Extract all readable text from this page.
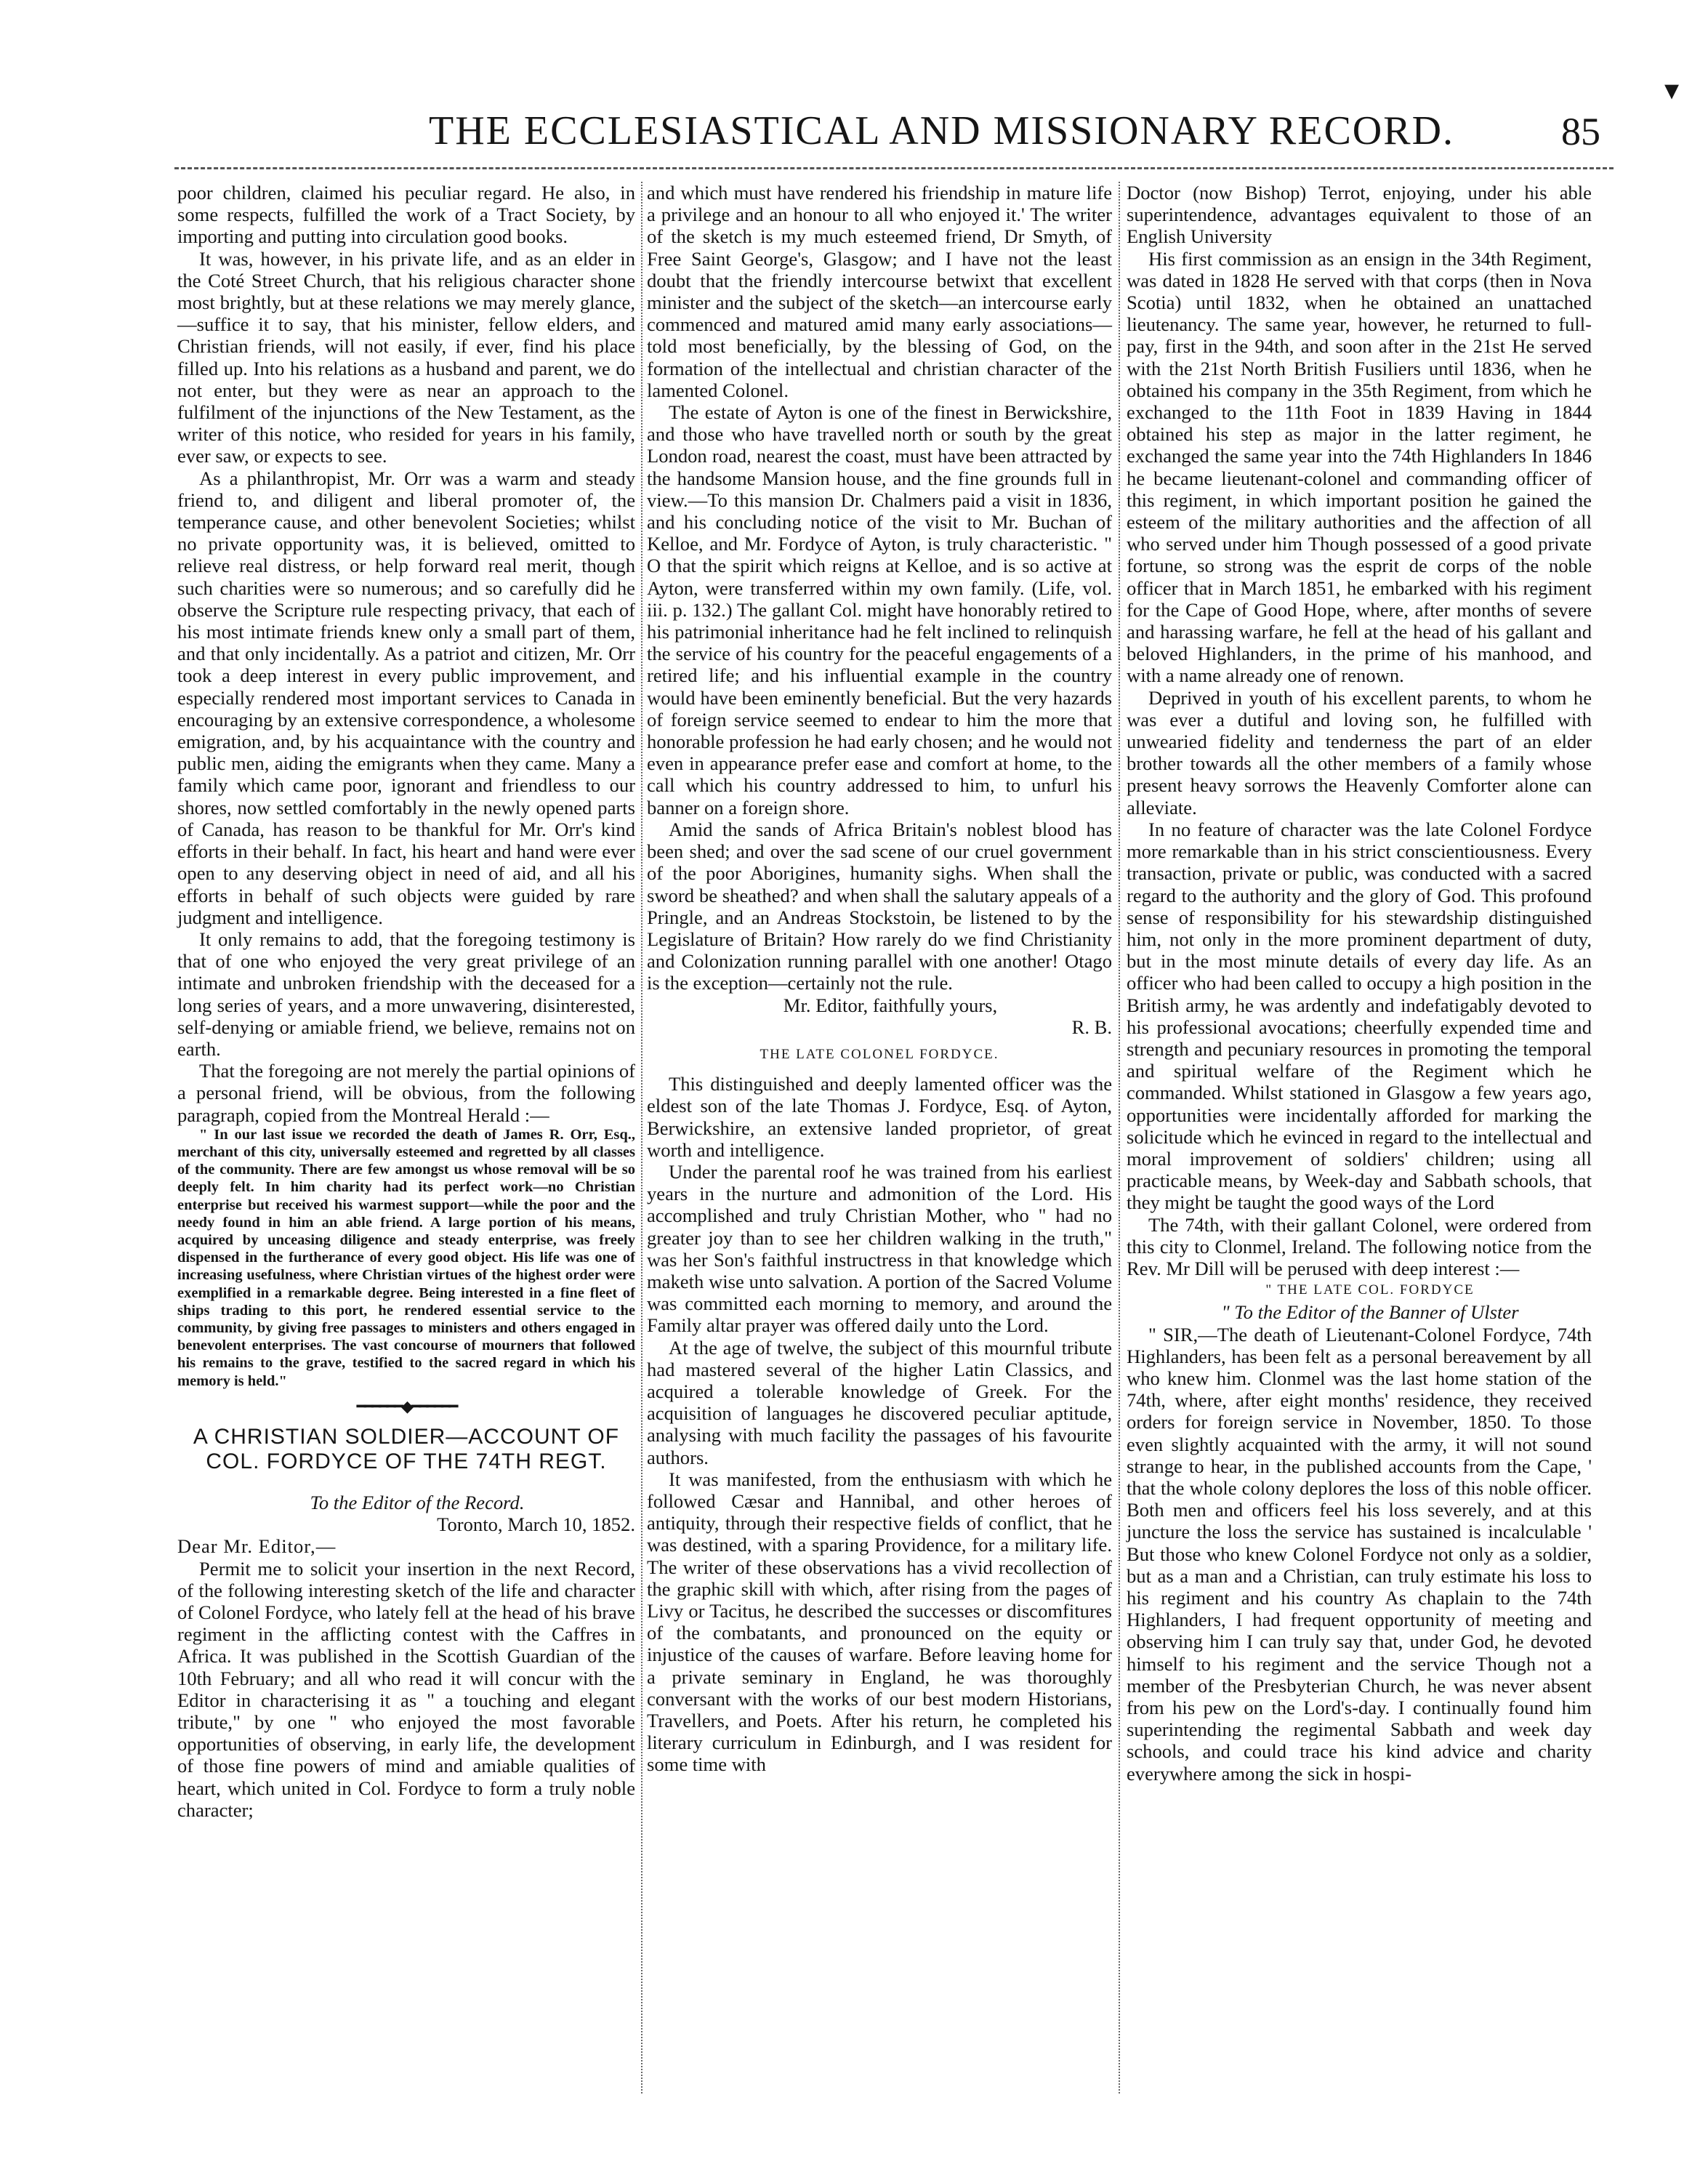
▾
THE ECCLESIASTICAL AND MISSIONARY RECORD.	85

poor children, claimed his peculiar regard. He also, in some respects, fulfilled the work of a Tract Society, by importing and putting into circulation good books.

It was, however, in his private life, and as an elder in the Coté Street Church, that his religious character shone most brightly, but at these relations we may merely glance,—suffice it to say, that his minister, fellow elders, and Christian friends, will not easily, if ever, find his place filled up. Into his relations as a husband and parent, we do not enter, but they were as near an approach to the fulfilment of the injunctions of the New Testament, as the writer of this notice, who resided for years in his family, ever saw, or expects to see.

As a philanthropist, Mr. Orr was a warm and steady friend to, and diligent and liberal promoter of, the temperance cause, and other benevolent Societies; whilst no private opportunity was, it is believed, omitted to relieve real distress, or help forward real merit, though such charities were so numerous; and so carefully did he observe the Scripture rule respecting privacy, that each of his most intimate friends knew only a small part of them, and that only incidentally. As a patriot and citizen, Mr. Orr took a deep interest in every public improvement, and especially rendered most important services to Canada in encouraging by an extensive correspondence, a wholesome emigration, and, by his acquaintance with the country and public men, aiding the emigrants when they came. Many a family which came poor, ignorant and friendless to our shores, now settled comfortably in the newly opened parts of Canada, has reason to be thankful for Mr. Orr's kind efforts in their behalf. In fact, his heart and hand were ever open to any deserving object in need of aid, and all his efforts in behalf of such objects were guided by rare judgment and intelligence.

It only remains to add, that the foregoing testimony is that of one who enjoyed the very great privilege of an intimate and unbroken friendship with the deceased for a long series of years, and a more unwavering, disinterested, self-denying or amiable friend, we believe, remains not on earth.

That the foregoing are not merely the partial opinions of a personal friend, will be obvious, from the following paragraph, copied from the Montreal Herald :—

" In our last issue we recorded the death of James R. Orr, Esq., merchant of this city, universally esteemed and regretted by all classes of the community. There are few amongst us whose removal will be so deeply felt. In him charity had its perfect work—no Christian enterprise but received his warmest support—while the poor and the needy found in him an able friend. A large portion of his means, acquired by unceasing diligence and steady enterprise, was freely dispensed in the furtherance of every good object. His life was one of increasing usefulness, where Christian virtues of the highest order were exemplified in a remarkable degree. Being interested in a fine fleet of ships trading to this port, he rendered essential service to the community, by giving free passages to ministers and others engaged in benevolent enterprises. The vast concourse of mourners that followed his remains to the grave, testified to the sacred regard in which his memory is held."

━━━━━━◆━━━━━━
A CHRISTIAN SOLDIER—ACCOUNT OF COL. FORDYCE OF THE 74TH REGT.

To the Editor of the Record.

Toronto, March 10, 1852.

Dear Mr. Editor,—

Permit me to solicit your insertion in the next Record, of the following interesting sketch of the life and character of Colonel Fordyce, who lately fell at the head of his brave regiment in the afflicting contest with the Caffres in Africa. It was published in the Scottish Guardian of the 10th February; and all who read it will concur with the Editor in characterising it as " a touching and elegant tribute," by one " who enjoyed the most favorable opportunities of observing, in early life, the development of those fine powers of mind and amiable qualities of heart, which united in Col. Fordyce to form a truly noble character;

and which must have rendered his friendship in mature life a privilege and an honour to all who enjoyed it.' The writer of the sketch is my much esteemed friend, Dr Smyth, of Free Saint George's, Glasgow; and I have not the least doubt that the friendly intercourse betwixt that excellent minister and the subject of the sketch—an intercourse early commenced and matured amid many early associations—told most beneficially, by the blessing of God, on the formation of the intellectual and christian character of the lamented Colonel.

The estate of Ayton is one of the finest in Berwickshire, and those who have travelled north or south by the great London road, nearest the coast, must have been attracted by the handsome Mansion house, and the fine grounds full in view.—To this mansion Dr. Chalmers paid a visit in 1836, and his concluding notice of the visit to Mr. Buchan of Kelloe, and Mr. Fordyce of Ayton, is truly characteristic. " O that the spirit which reigns at Kelloe, and is so active at Ayton, were transferred within my own family. (Life, vol. iii. p. 132.) The gallant Col. might have honorably retired to his patrimonial inheritance had he felt inclined to relinquish the service of his country for the peaceful engagements of a retired life; and his influential example in the country would have been eminently beneficial. But the very hazards of foreign service seemed to endear to him the more that honorable profession he had early chosen; and he would not even in appearance prefer ease and comfort at home, to the call which his country addressed to him, to unfurl his banner on a foreign shore.

Amid the sands of Africa Britain's noblest blood has been shed; and over the sad scene of our cruel government of the poor Aborigines, humanity sighs. When shall the sword be sheathed? and when shall the salutary appeals of a Pringle, and an Andreas Stockstoin, be listened to by the Legislature of Britain? How rarely do we find Christianity and Colonization running parallel with one another! Otago is the exception—certainly not the rule.

Mr. Editor, faithfully yours,

R. B.

THE LATE COLONEL FORDYCE.

This distinguished and deeply lamented officer was the eldest son of the late Thomas J. Fordyce, Esq. of Ayton, Berwickshire, an extensive landed proprietor, of great worth and intelligence.

Under the parental roof he was trained from his earliest years in the nurture and admonition of the Lord. His accomplished and truly Christian Mother, who " had no greater joy than to see her children walking in the truth," was her Son's faithful instructress in that knowledge which maketh wise unto salvation. A portion of the Sacred Volume was committed each morning to memory, and around the Family altar prayer was offered daily unto the Lord.

At the age of twelve, the subject of this mournful tribute had mastered several of the higher Latin Classics, and acquired a tolerable knowledge of Greek. For the acquisition of languages he discovered peculiar aptitude, analysing with much facility the passages of his favourite authors.

It was manifested, from the enthusiasm with which he followed Cæsar and Hannibal, and other heroes of antiquity, through their respective fields of conflict, that he was destined, with a sparing Providence, for a military life. The writer of these observations has a vivid recollection of the graphic skill with which, after rising from the pages of Livy or Tacitus, he described the successes or discomfitures of the combatants, and pronounced on the equity or injustice of the causes of warfare. Before leaving home for a private seminary in England, he was thoroughly conversant with the works of our best modern Historians, Travellers, and Poets. After his return, he completed his literary curriculum in Edinburgh, and I was resident for some time with

Doctor (now Bishop) Terrot, enjoying, under his able superintendence, advantages equivalent to those of an English University

His first commission as an ensign in the 34th Regiment, was dated in 1828 He served with that corps (then in Nova Scotia) until 1832, when he obtained an unattached lieutenancy. The same year, however, he returned to full-pay, first in the 94th, and soon after in the 21st He served with the 21st North British Fusiliers until 1836, when he obtained his company in the 35th Regiment, from which he exchanged to the 11th Foot in 1839 Having in 1844 obtained his step as major in the latter regiment, he exchanged the same year into the 74th Highlanders In 1846 he became lieutenant-colonel and commanding officer of this regiment, in which important position he gained the esteem of the military authorities and the affection of all who served under him Though possessed of a good private fortune, so strong was the esprit de corps of the noble officer that in March 1851, he embarked with his regiment for the Cape of Good Hope, where, after months of severe and harassing warfare, he fell at the head of his gallant and beloved Highlanders, in the prime of his manhood, and with a name already one of renown.

Deprived in youth of his excellent parents, to whom he was ever a dutiful and loving son, he fulfilled with unwearied fidelity and tenderness the part of an elder brother towards all the other members of a family whose present heavy sorrows the Heavenly Comforter alone can alleviate.

In no feature of character was the late Colonel Fordyce more remarkable than in his strict conscientiousness. Every transaction, private or public, was conducted with a sacred regard to the authority and the glory of God. This profound sense of responsibility for his stewardship distinguished him, not only in the more prominent department of duty, but in the most minute details of every day life. As an officer who had been called to occupy a high position in the British army, he was ardently and indefatigably devoted to his professional avocations; cheerfully expended time and strength and pecuniary resources in promoting the temporal and spiritual welfare of the Regiment which he commanded. Whilst stationed in Glasgow a few years ago, opportunities were incidentally afforded for marking the solicitude which he evinced in regard to the intellectual and moral improvement of soldiers' children; using all practicable means, by Week-day and Sabbath schools, that they might be taught the good ways of the Lord

The 74th, with their gallant Colonel, were ordered from this city to Clonmel, Ireland. The following notice from the Rev. Mr Dill will be perused with deep interest :—

" THE LATE COL. FORDYCE

" To the Editor of the Banner of Ulster

" SIR,—The death of Lieutenant-Colonel Fordyce, 74th Highlanders, has been felt as a personal bereavement by all who knew him. Clonmel was the last home station of the 74th, where, after eight months' residence, they received orders for foreign service in November, 1850. To those even slightly acquainted with the army, it will not sound strange to hear, in the published accounts from the Cape, ' that the whole colony deplores the loss of this noble officer. Both men and officers feel his loss severely, and at this juncture the loss the service has sustained is incalculable ' But those who knew Colonel Fordyce not only as a soldier, but as a man and a Christian, can truly estimate his loss to his regiment and his country As chaplain to the 74th Highlanders, I had frequent opportunity of meeting and observing him I can truly say that, under God, he devoted himself to his regiment and the service Though not a member of the Presbyterian Church, he was never absent from his pew on the Lord's-day. I continually found him superintending the regimental Sabbath and week day schools, and could trace his kind advice and charity everywhere among the sick in hospi-
